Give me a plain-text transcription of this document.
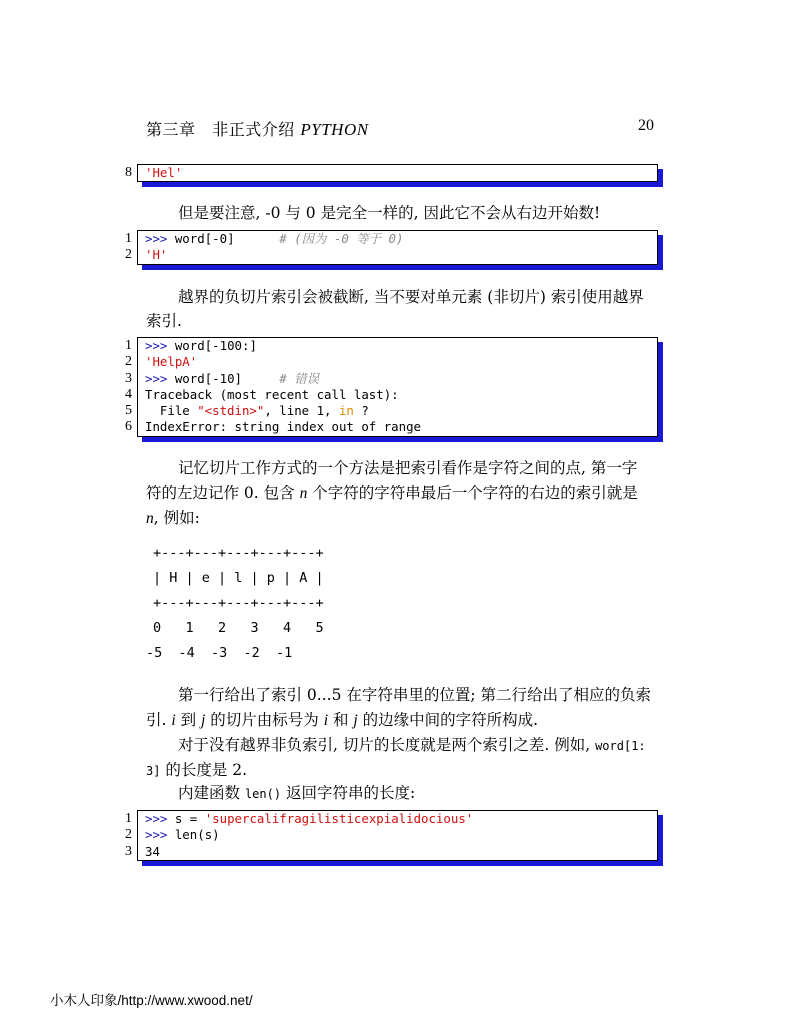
第三章 非正式介绍 PYTHON	20
8 'Hel'
但是要注意, -0 与 0 是完全一样的, 因此它不会从右边开始数!
1 >>> word[-0]      # (因为 -0 等于 0)
2 'H'
越界的负切片索引会被截断, 当不要对单元素 (非切片) 索引使用越界
索引.
1 >>> word[-100:]
2 'HelpA'
3 >>> word[-10]     # 错误
4 Traceback (most recent call last):
5 File "<stdin>", line 1, in ?
6 IndexError: string index out of range
记忆切片工作方式的一个方法是把索引看作是字符之间的点, 第一字
符的左边记作 0. 包含 n 个字符的字符串最后一个字符的右边的索引就是
n, 例如:
+---+---+---+---+---+
| H | e | l | p | A |
+---+---+---+---+---+
0   1   2   3   4   5
-5  -4  -3  -2  -1
第一行给出了索引 0...5 在字符串里的位置; 第二行给出了相应的负索
引. i 到 j 的切片由标号为 i 和 j 的边缘中间的字符所构成.
对于没有越界非负索引, 切片的长度就是两个索引之差. 例如, word[1:
3] 的长度是 2.
内建函数 len() 返回字符串的长度:
1 >>> s = 'supercalifragilisticexpialidocious'
2 >>> len(s)
3 34
小木人印象/http://www.xwood.net/
